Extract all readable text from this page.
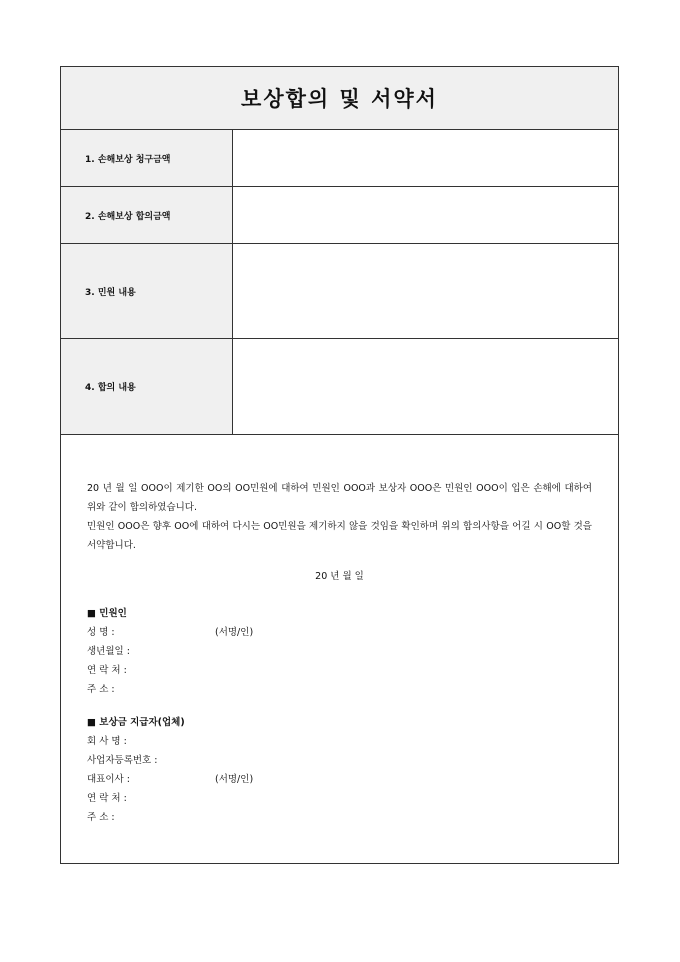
보상합의 및 서약서
1. 손해보상 청구금액
2. 손해보상 합의금액
3. 민원 내용
4. 합의 내용

20 년 월 일 OOO이 제기한 OO의 OO민원에 대하여 민원인 OOO과 보상자 OOO은 민원인 OOO이 입은 손해에 대하여 위와 같이 합의하였습니다.

민원인 OOO은 향후 OO에 대하여 다시는 OO민원을 제기하지 않을 것임을 확인하며 위의 합의사항을 어길 시 OO할 것을 서약합니다.

20 년 월 일
■ 민원인
성 명 :	(서명/인)
생년월일 :
연 락 처 :
주 소 :
■ 보상금 지급자(업체)
회 사 명 :
사업자등록번호 :
대표이사 :	(서명/인)
연 락 처 :
주 소 :
